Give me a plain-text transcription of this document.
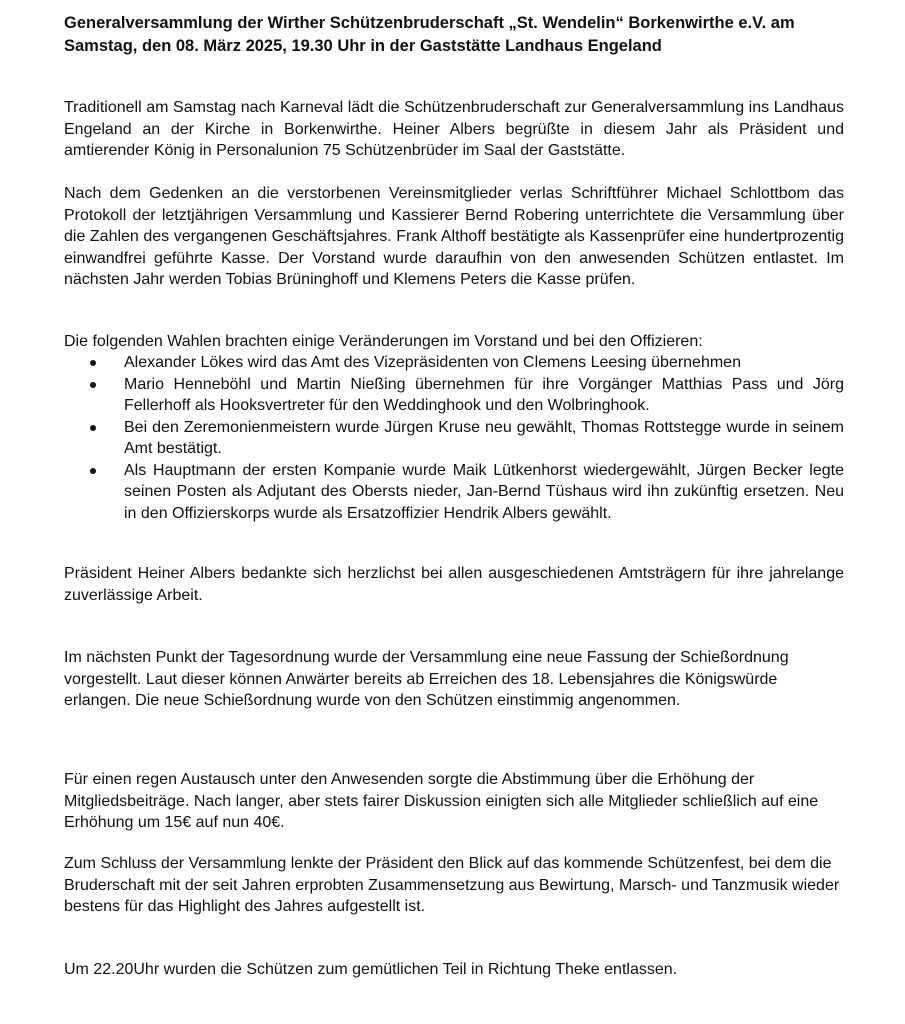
Generalversammlung der Wirther Schützenbruderschaft „St. Wendelin“ Borkenwirthe e.V. am Samstag, den 08. März 2025, 19.30 Uhr in der Gaststätte Landhaus Engeland

Traditionell am Samstag nach Karneval lädt die Schützenbruderschaft zur Generalversammlung ins Landhaus Engeland an der Kirche in Borkenwirthe. Heiner Albers begrüßte in diesem Jahr als Präsident und amtierender König in Personalunion 75 Schützenbrüder im Saal der Gaststätte.

Nach dem Gedenken an die verstorbenen Vereinsmitglieder verlas Schriftführer Michael Schlottbom das Protokoll der letztjährigen Versammlung und Kassierer Bernd Robering unterrichtete die Versammlung über die Zahlen des vergangenen Geschäftsjahres. Frank Althoff bestätigte als Kassenprüfer eine hundertprozentig einwandfrei geführte Kasse. Der Vorstand wurde daraufhin von den anwesenden Schützen entlastet. Im nächsten Jahr werden Tobias Brüninghoff und Klemens Peters die Kasse prüfen.

Die folgenden Wahlen brachten einige Veränderungen im Vorstand und bei den Offizieren:

Alexander Lökes wird das Amt des Vizepräsidenten von Clemens Leesing übernehmen
Mario Henneböhl und Martin Nießing übernehmen für ihre Vorgänger Matthias Pass und Jörg Fellerhoff als Hooksvertreter für den Weddinghook und den Wolbringhook.
Bei den Zeremonienmeistern wurde Jürgen Kruse neu gewählt, Thomas Rottstegge wurde in seinem Amt bestätigt.
Als Hauptmann der ersten Kompanie wurde Maik Lütkenhorst wiedergewählt, Jürgen Becker legte seinen Posten als Adjutant des Obersts nieder, Jan-Bernd Tüshaus wird ihn zukünftig ersetzen. Neu in den Offizierskorps wurde als Ersatzoffizier Hendrik Albers gewählt.

Präsident Heiner Albers bedankte sich herzlichst bei allen ausgeschiedenen Amtsträgern für ihre jahrelange zuverlässige Arbeit.

Im nächsten Punkt der Tagesordnung wurde der Versammlung eine neue Fassung der Schießordnung vorgestellt. Laut dieser können Anwärter bereits ab Erreichen des 18. Lebensjahres die Königswürde erlangen. Die neue Schießordnung wurde von den Schützen einstimmig angenommen.

Für einen regen Austausch unter den Anwesenden sorgte die Abstimmung über die Erhöhung der Mitgliedsbeiträge. Nach langer, aber stets fairer Diskussion einigten sich alle Mitglieder schließlich auf eine Erhöhung um 15€ auf nun 40€.

Zum Schluss der Versammlung lenkte der Präsident den Blick auf das kommende Schützenfest, bei dem die Bruderschaft mit der seit Jahren erprobten Zusammensetzung aus Bewirtung, Marsch- und Tanzmusik wieder bestens für das Highlight des Jahres aufgestellt ist.

Um 22.20Uhr wurden die Schützen zum gemütlichen Teil in Richtung Theke entlassen.
